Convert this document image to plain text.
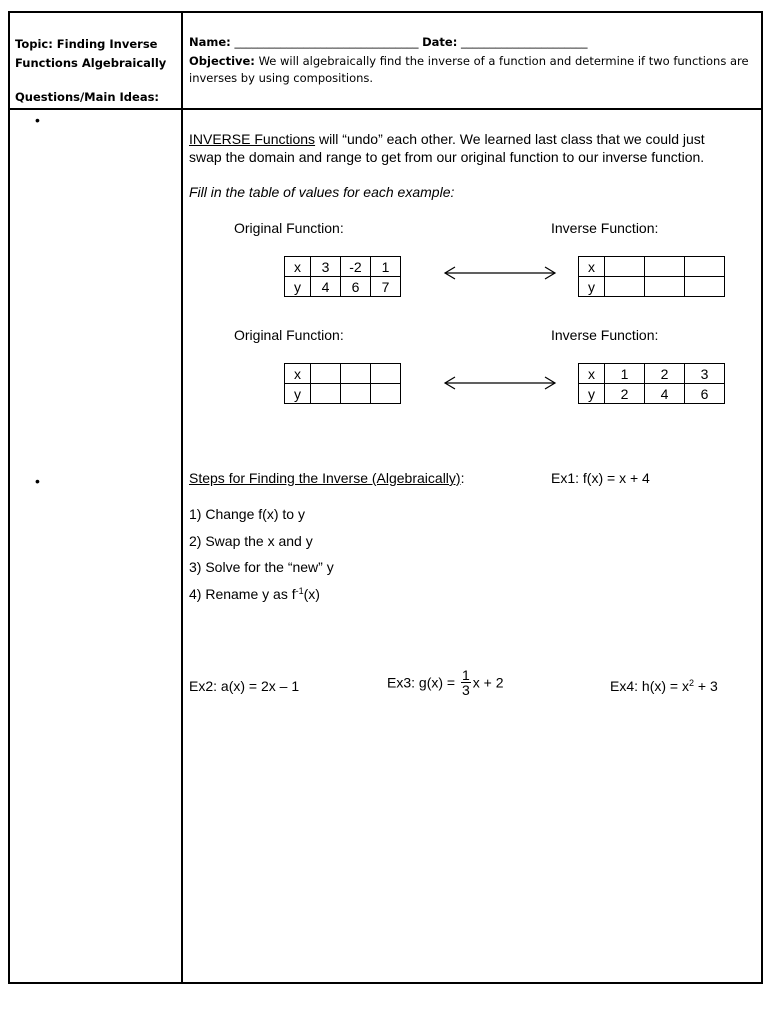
Topic: Finding Inverse Functions Algebraically
Questions/Main Ideas:
Name: ________________________________ Date: ______________________
Objective: We will algebraically find the inverse of a function and determine if two functions are inverses by using compositions.
•
•
INVERSE Functions will “undo” each other. We learned last class that we could just
swap the domain and range to get from our original function to our inverse function.
Fill in the table of values for each example:
Original Function:	Inverse Function:
x	3	-2	1
y	4	6	7
x			
y			
Original Function:	Inverse Function:
x			
y			
x	1	2	3
y	2	4	6
Steps for Finding the Inverse (Algebraically):	Ex1: f(x) = x + 4
1) Change f(x) to y
2) Swap the x and y
3) Solve for the “new” y
4) Rename y as $f^{-1}(x)$
Ex2: a(x) = 2x – 1	Ex3: $g(x) = \frac{1}{3}$ x + 2	Ex4: $h(x) = x^2 + 3$
